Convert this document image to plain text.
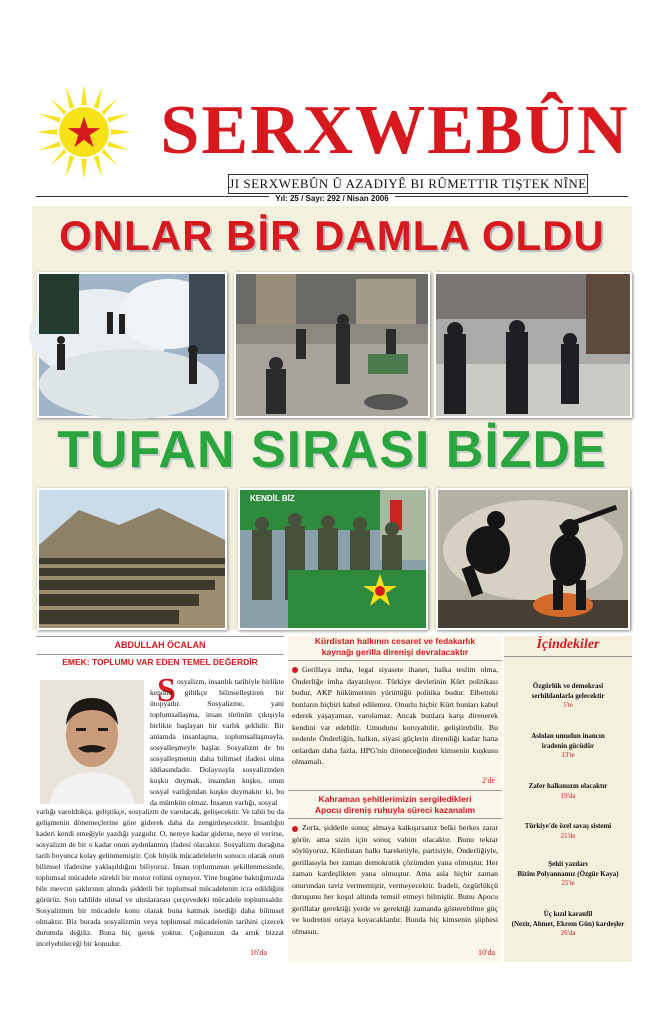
SERXWEBÛN
JI SERXWEBÛN Û AZADIYÊ BI RÛMETTIR TIŞTEK NÎNE
Yıl: 25 / Sayı: 292 / Nisan 2006
ONLAR BİR DAMLA OLDU
TUFAN SIRASI BİZDE
KENDİL BİZ
ABDULLAH ÖCALAN
EMEK: TOPLUMU VAR EDEN TEMEL DEĞERDİR
S osyalizm, insanlık tarihiyle birlikte kendini giltikçe bilinselleştiren bir ütopyadır. Sosyalizme, yani toplumsallaşma, insan türünün çıkışıyla birlikte başlayan bir varlık şeklidir. Bir anlamda insanlaşma, toplumsallaşmayla, sosyalleşmeyle başlar. Sosyalizm de bu sosyalleşmenin daha bilimsel ifadesi olma iddiasındadır. Dolayısıyla sosyalizmden kuşku duymak, insandan kuşku, onun sosyal varlığından kuşku duymaktır ki, bu da mümkün olmaz. İnsanın varlığı, sosyal
varlığı varoldukça, geliştikçe, sosyalizm de varolacak, gelişecektir. Ve tabii bu da gelişmenin dönemeçlerine göre giderek daha da zenginleşecektir. İnsanlığın kaderi kendi emeğiyle yazdığı yazgıdır. O, nereye kadar giderse, neye el verirse, sosyalizm de bir o kadar onun aydınlanmış ifadesi olacaktır. Sosyalizm durağına tarih boyunca kolay gelinmemiştir. Çok büyük mücadelelerin sonucu olarak onun bilimsel ifadesine yaklaşıldığını biliyoruz. İnsan toplumunun şekillenmesinde, toplumsal mücadele sürekli bir motor rolünü oynuyor. Yine bugüne baktığımızda bile mevcut şaklırının altında şiddetli bir toplumsal mücadelenin icra edildiğini görürüz. Son tahlilde ulusal ve uluslararası çerçevedeki mücadele toplumsaldır. Sosyalizmin bir mücadele konu olarak buna katmak istediği daha bilimsel olmaktır. Biz burada sosyalizmin veya toplumsal mücadelenin tarihini çizecek durumda değiliz. Buna hiç gerek yoktur. Çoğunuzun da artık bizzat incelyebileceği bir konudur.
16'da
Kürdistan halkının cesaret ve fedakarlık
kaynağı gerilla direnişi devralacaktır
Gerillaya imha, legal siyasete ihanet, halka teslim olma, Önderliğe imha dayatılıyor. Türkiye devletinin Kürt politikası budur, AKP hükümetinin yürüttüğü politika budur. Elbetteki bunların hiçbiri kabul edilemez. Onurlu hiçbir Kürt bunları kabul ederek yaşayamaz, varolamaz. Ancak bunlara karşı direnerek kendini var edebilir. Umudunu koruyabilir, geliştirebilir. Bu nedenle Önderliğin, halkın, siyasi güçlerin direndiği kadar hatta onlardan daha fazla, HPG'nin direneceğinden kimsenin kuşkusu olmamalı.
2'de
Kahraman şehitlerimizin sergiledikleri
Apocu direniş ruhuyla süreci kazanalım
Zorla, şiddetle sonuç almaya kalkışırsanız belki herkes zarar görür, ama sizin için sonuç vahim olacaktır. Bunu tekrar söylüyoruz. Kürdistan halkı hareketiyle, partisiyle, Önderliğiyle, gerillasıyla her zaman demokratik çözümden yana olmuştur. Her zaman kardeşlikten yana olmuştur. Ama asla hiçbir zaman onurundan taviz vermemiştir, vermeyecektir. İradeli, özgürlükçü duruşunu her koşul altında temsil etmeyi bilmiştir. Bunu Apocu gerillalar gerektiği yerde ve gerektiği zamanda gösterebilme güç ve kudretini ortaya koyacaklardır. Bunda hiç kimsenin şüphesi olmasın.
10'da
İçindekiler
Özgürlük ve demokrasi
serhildanlarla gelecektir
5'te
Aslolan umudun inancın
iradenin gücüdür
13'te
Zafer halkımızın olacaktır
19'da
Türkiye'de özel savaş sistemi
21'de
Şehit yazıları
Bizim Polyannamız (Özgür Kaya)
25'te
Üç kızıl karanfil
(Nezir, Ahmet, Ekrem Gün) kardeşler
26'da
